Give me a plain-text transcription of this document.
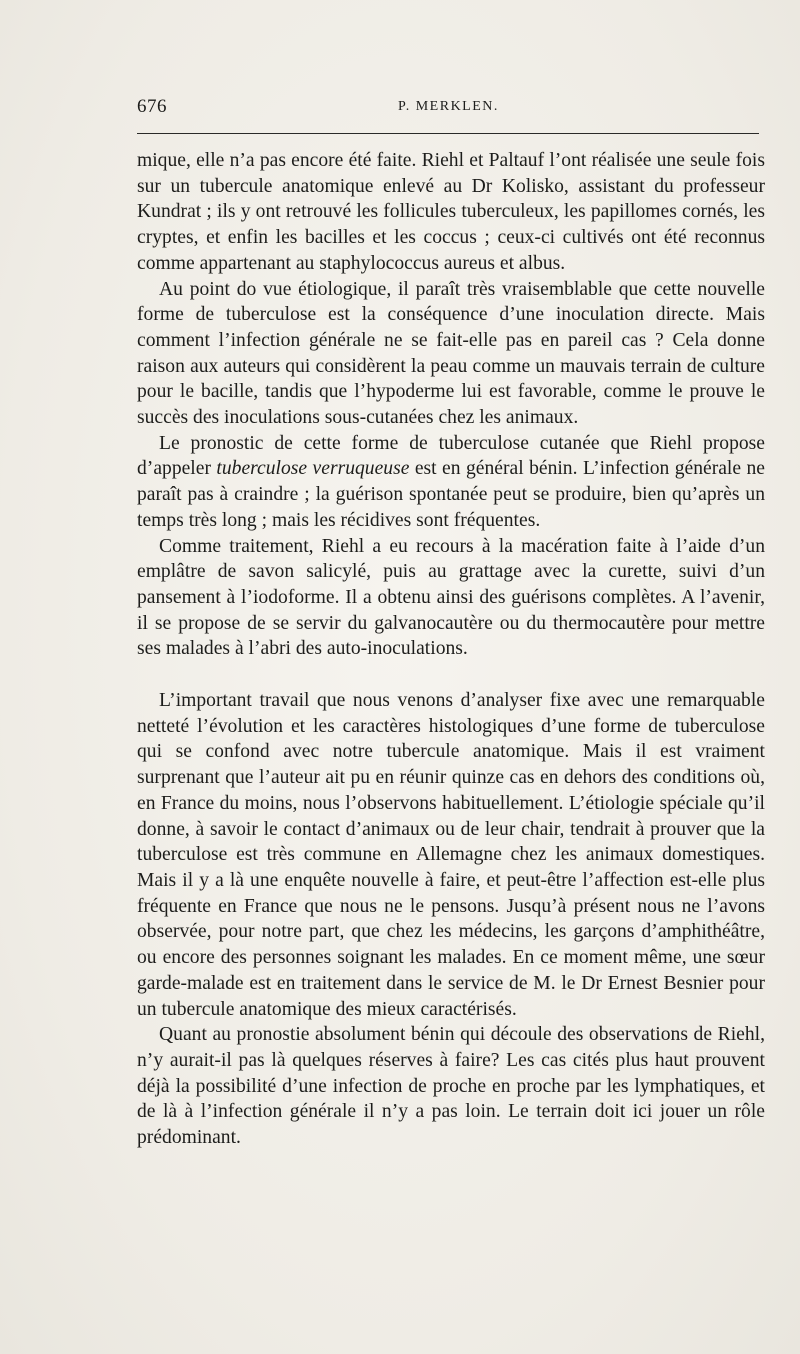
676	P. MERKLEN.

mique, elle n’a pas encore été faite. Riehl et Paltauf l’ont réalisée une seule fois sur un tubercule anatomique enlevé au Dr Kolisko, assistant du professeur Kundrat ; ils y ont retrouvé les follicules tuberculeux, les papillomes cornés, les cryptes, et enfin les bacilles et les coccus ; ceux-ci cultivés ont été reconnus comme appartenant au staphylococcus aureus et albus.

Au point do vue étiologique, il paraît très vraisemblable que cette nouvelle forme de tuberculose est la conséquence d’une inoculation directe. Mais comment l’infection générale ne se fait-elle pas en pareil cas ? Cela donne raison aux auteurs qui considèrent la peau comme un mauvais terrain de culture pour le bacille, tandis que l’hypoderme lui est favorable, comme le prouve le succès des inoculations sous-cutanées chez les animaux.

Le pronostic de cette forme de tuberculose cutanée que Riehl propose d’appeler tuberculose verruqueuse est en général bénin. L’infection générale ne paraît pas à craindre ; la guérison spontanée peut se produire, bien qu’après un temps très long ; mais les récidives sont fréquentes.

Comme traitement, Riehl a eu recours à la macération faite à l’aide d’un emplâtre de savon salicylé, puis au grattage avec la curette, suivi d’un pansement à l’iodoforme. Il a obtenu ainsi des guérisons complètes. A l’avenir, il se propose de se servir du galvanocautère ou du thermocautère pour mettre ses malades à l’abri des auto-inoculations.

L’important travail que nous venons d’analyser fixe avec une remarquable netteté l’évolution et les caractères histologiques d’une forme de tuberculose qui se confond avec notre tubercule anatomique. Mais il est vraiment surprenant que l’auteur ait pu en réunir quinze cas en dehors des conditions où, en France du moins, nous l’observons habituellement. L’étiologie spéciale qu’il donne, à savoir le contact d’animaux ou de leur chair, tendrait à prouver que la tuberculose est très commune en Allemagne chez les animaux domestiques. Mais il y a là une enquête nouvelle à faire, et peut-être l’affection est-elle plus fréquente en France que nous ne le pensons. Jusqu’à présent nous ne l’avons observée, pour notre part, que chez les médecins, les garçons d’amphithéâtre, ou encore des personnes soignant les malades. En ce moment même, une sœur garde-malade est en traitement dans le service de M. le Dr Ernest Besnier pour un tubercule anatomique des mieux caractérisés.

Quant au pronostie absolument bénin qui découle des observations de Riehl, n’y aurait-il pas là quelques réserves à faire? Les cas cités plus haut prouvent déjà la possibilité d’une infection de proche en proche par les lymphatiques, et de là à l’infection générale il n’y a pas loin. Le terrain doit ici jouer un rôle prédominant.
